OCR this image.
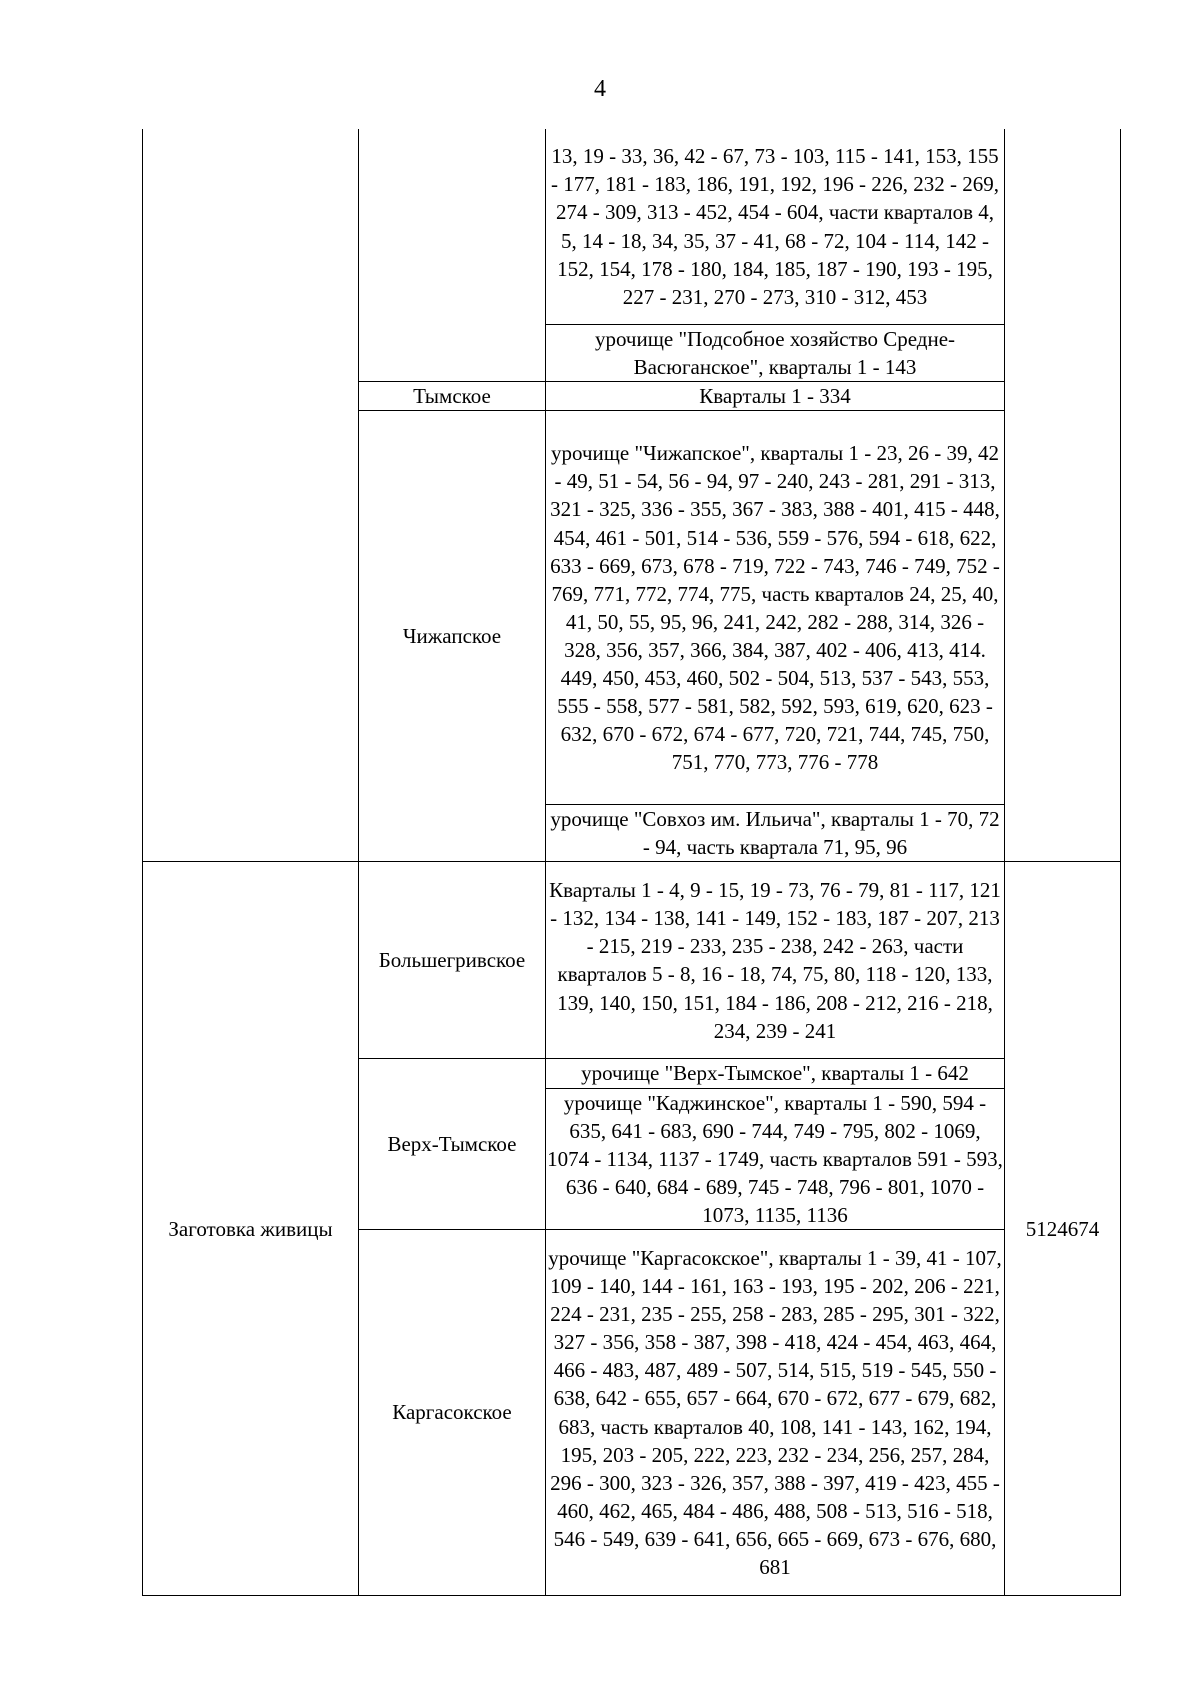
4
		13, 19 - 33, 36, 42 - 67, 73 - 103, 115 - 141, 153, 155 - 177, 181 - 183, 186, 191, 192, 196 - 226, 232 - 269, 274 - 309, 313 - 452, 454 - 604, части кварталов 4, 5, 14 - 18, 34, 35, 37 - 41, 68 - 72, 104 - 114, 142 - 152, 154, 178 - 180, 184, 185, 187 - 190, 193 - 195, 227 - 231, 270 - 273, 310 - 312, 453	
		урочище "Подсобное хозяйство Средне-Васюганское", кварталы 1 - 143	
	Тымское	Кварталы 1 - 334	
	Чижапское	урочище "Чижапское", кварталы 1 - 23, 26 - 39, 42 - 49, 51 - 54, 56 - 94, 97 - 240, 243 - 281, 291 - 313, 321 - 325, 336 - 355, 367 - 383, 388 - 401, 415 - 448, 454, 461 - 501, 514 - 536, 559 - 576, 594 - 618, 622, 633 - 669, 673, 678 - 719, 722 - 743, 746 - 749, 752 - 769, 771, 772, 774, 775, часть кварталов 24, 25, 40, 41, 50, 55, 95, 96, 241, 242, 282 - 288, 314, 326 - 328, 356, 357, 366, 384, 387, 402 - 406, 413, 414. 449, 450, 453, 460, 502 - 504, 513, 537 - 543, 553, 555 - 558, 577 - 581, 582, 592, 593, 619, 620, 623 - 632, 670 - 672, 674 - 677, 720, 721, 744, 745, 750, 751, 770, 773, 776 - 778	
		урочище "Совхоз им. Ильича", кварталы 1 - 70, 72 - 94, часть квартала 71, 95, 96	
Заготовка живицы	Большегривское	Кварталы 1 - 4, 9 - 15, 19 - 73, 76 - 79, 81 - 117, 121 - 132, 134 - 138, 141 - 149, 152 - 183, 187 - 207, 213 - 215, 219 - 233, 235 - 238, 242 - 263, части кварталов 5 - 8, 16 - 18, 74, 75, 80, 118 - 120, 133, 139, 140, 150, 151, 184 - 186, 208 - 212, 216 - 218, 234, 239 - 241	5124674
	Верх-Тымское	урочище "Верх-Тымское", кварталы 1 - 642	
		урочище "Каджинское", кварталы 1 - 590, 594 - 635, 641 - 683, 690 - 744, 749 - 795, 802 - 1069, 1074 - 1134, 1137 - 1749, часть кварталов 591 - 593, 636 - 640, 684 - 689, 745 - 748, 796 - 801, 1070 - 1073, 1135, 1136	
	Каргасокское	урочище "Каргасокское", кварталы 1 - 39, 41 - 107, 109 - 140, 144 - 161, 163 - 193, 195 - 202, 206 - 221, 224 - 231, 235 - 255, 258 - 283, 285 - 295, 301 - 322, 327 - 356, 358 - 387, 398 - 418, 424 - 454, 463, 464, 466 - 483, 487, 489 - 507, 514, 515, 519 - 545, 550 - 638, 642 - 655, 657 - 664, 670 - 672, 677 - 679, 682, 683, часть кварталов 40, 108, 141 - 143, 162, 194, 195, 203 - 205, 222, 223, 232 - 234, 256, 257, 284, 296 - 300, 323 - 326, 357, 388 - 397, 419 - 423, 455 - 460, 462, 465, 484 - 486, 488, 508 - 513, 516 - 518, 546 - 549, 639 - 641, 656, 665 - 669, 673 - 676, 680, 681	
